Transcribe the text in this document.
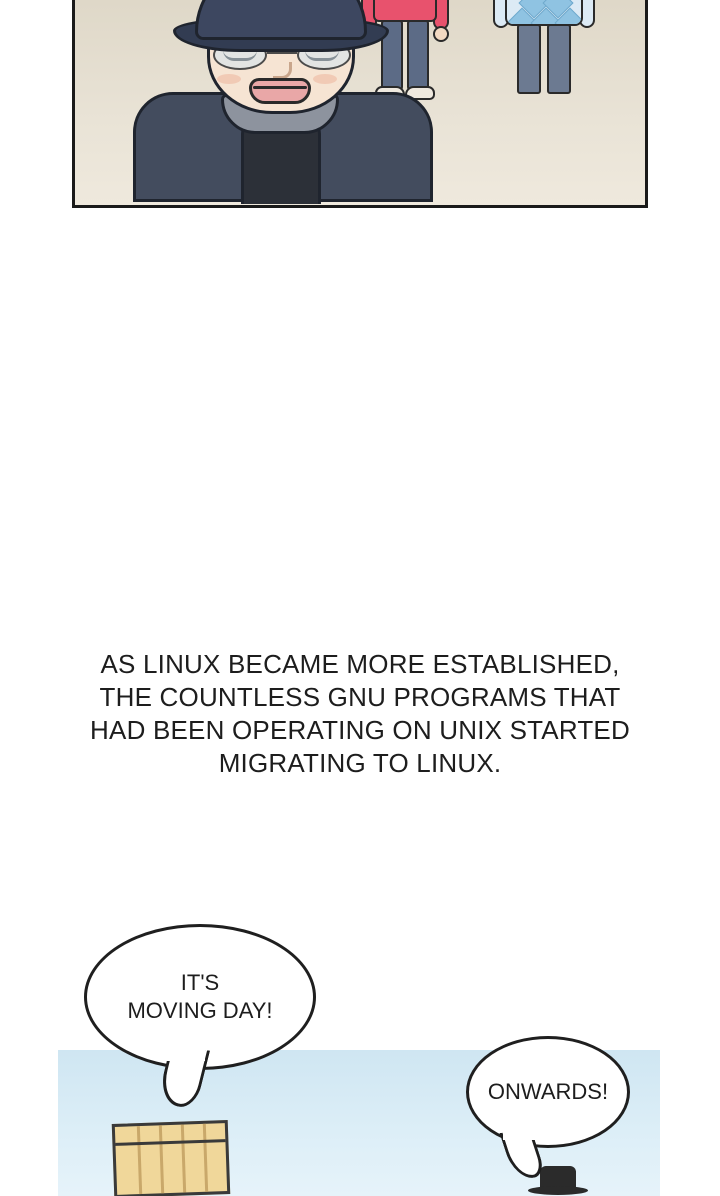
AS LINUX BECAME MORE ESTABLISHED,
THE COUNTLESS GNU PROGRAMS THAT
HAD BEEN OPERATING ON UNIX STARTED
MIGRATING TO LINUX.
IT'S
MOVING DAY!
ONWARDS!
